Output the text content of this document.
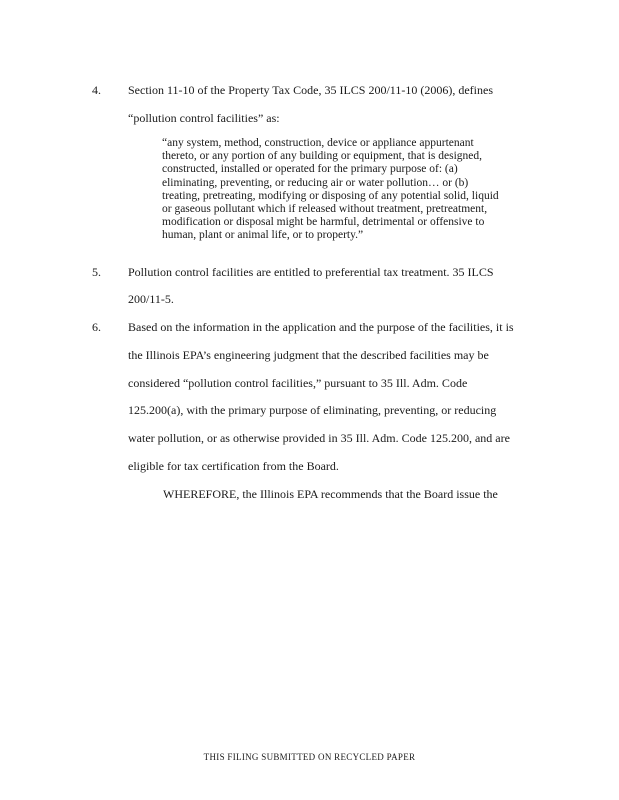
4. Section 11-10 of the Property Tax Code, 35 ILCS 200/11-10 (2006), defines
“pollution control facilities” as:
“any system, method, construction, device or appliance appurtenant
thereto, or any portion of any building or equipment, that is designed,
constructed, installed or operated for the primary purpose of: (a)
eliminating, preventing, or reducing air or water pollution… or (b)
treating, pretreating, modifying or disposing of any potential solid, liquid
or gaseous pollutant which if released without treatment, pretreatment,
modification or disposal might be harmful, detrimental or offensive to
human, plant or animal life, or to property.”
5. Pollution control facilities are entitled to preferential tax treatment. 35 ILCS
200/11-5.
6. Based on the information in the application and the purpose of the facilities, it is
the Illinois EPA’s engineering judgment that the described facilities may be
considered “pollution control facilities,” pursuant to 35 Ill. Adm. Code
125.200(a), with the primary purpose of eliminating, preventing, or reducing
water pollution, or as otherwise provided in 35 Ill. Adm. Code 125.200, and are
eligible for tax certification from the Board.
WHEREFORE, the Illinois EPA recommends that the Board issue the
THIS FILING SUBMITTED ON RECYCLED PAPER
